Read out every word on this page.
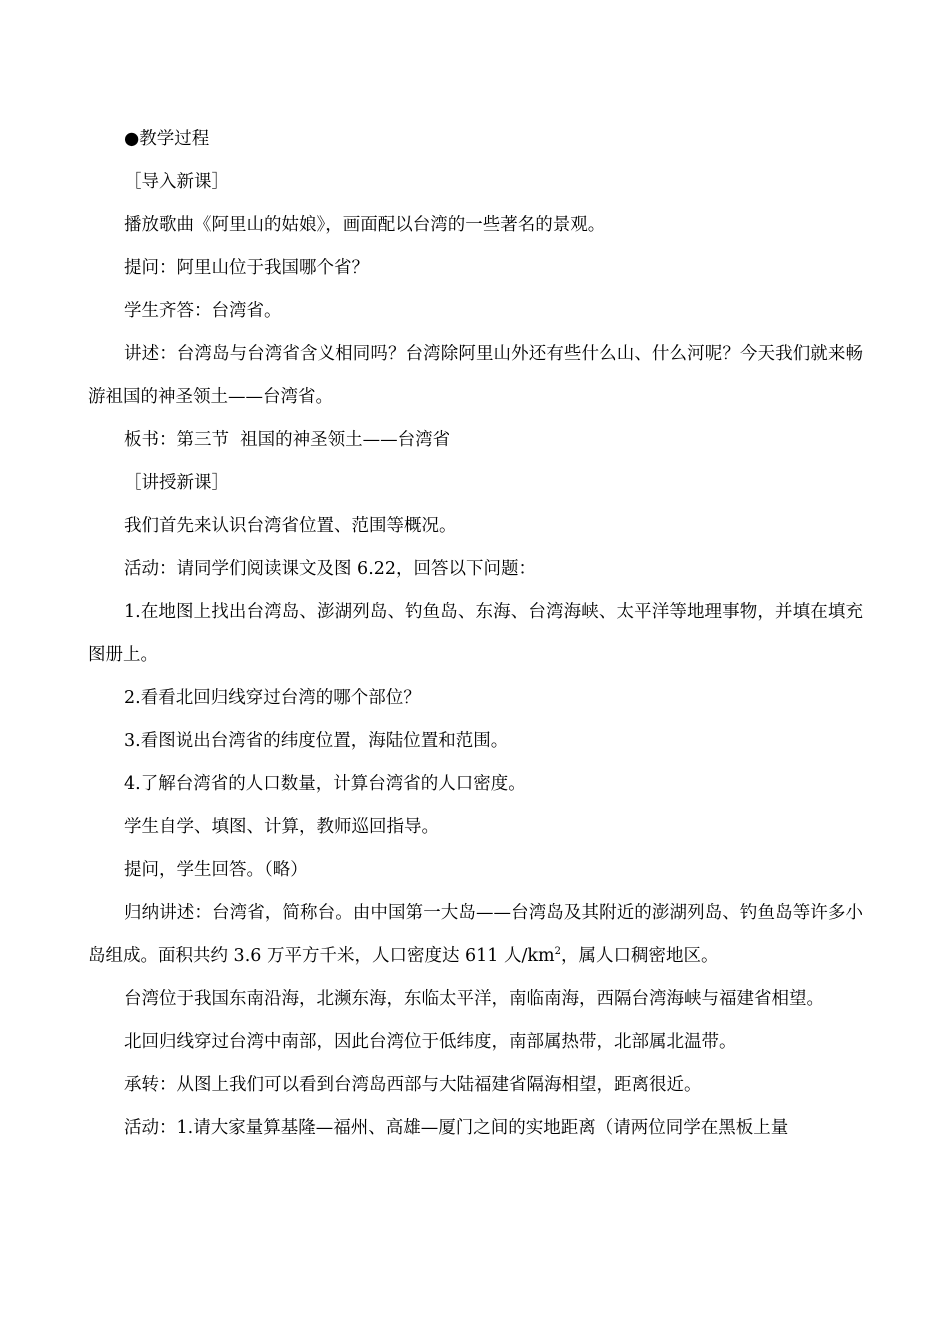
●教学过程

［导入新课］

播放歌曲《阿里山的姑娘》，画面配以台湾的一些著名的景观。

提问：阿里山位于我国哪个省？

学生齐答：台湾省。

讲述：台湾岛与台湾省含义相同吗？台湾除阿里山外还有些什么山、什么河呢？今天我们就来畅游祖国的神圣领土——台湾省。

板书：第三节  祖国的神圣领土——台湾省

［讲授新课］

我们首先来认识台湾省位置、范围等概况。

活动：请同学们阅读课文及图 6.22，回答以下问题：

1.在地图上找出台湾岛、澎湖列岛、钓鱼岛、东海、台湾海峡、太平洋等地理事物，并填在填充图册上。

2.看看北回归线穿过台湾的哪个部位？

3.看图说出台湾省的纬度位置，海陆位置和范围。

4.了解台湾省的人口数量，计算台湾省的人口密度。

学生自学、填图、计算，教师巡回指导。

提问，学生回答。（略）

归纳讲述：台湾省，简称台。由中国第一大岛——台湾岛及其附近的澎湖列岛、钓鱼岛等许多小岛组成。面积共约 3.6 万平方千米，人口密度达 611 人$/km^2$，属人口稠密地区。

台湾位于我国东南沿海，北濒东海，东临太平洋，南临南海，西隔台湾海峡与福建省相望。

北回归线穿过台湾中南部，因此台湾位于低纬度，南部属热带，北部属北温带。

承转：从图上我们可以看到台湾岛西部与大陆福建省隔海相望，距离很近。

活动：1.请大家量算基隆—福州、高雄—厦门之间的实地距离（请两位同学在黑板上量
